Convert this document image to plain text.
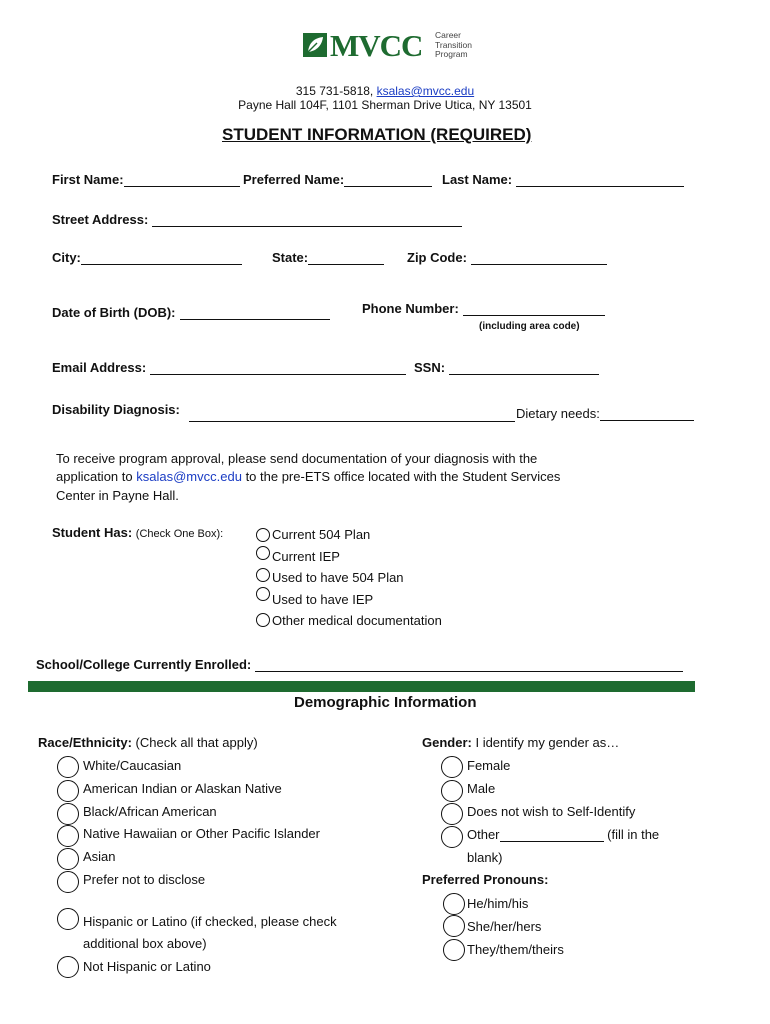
MVCC Career
Transition
Program
315 731-5818, ksalas@mvcc.edu
Payne Hall 104F, 1101 Sherman Drive Utica, NY 13501
STUDENT INFORMATION (REQUIRED)
First Name:	Preferred Name:	Last Name:
Street Address:
City:	State:	Zip Code:
Date of Birth (DOB):	Phone Number:
(including area code)
Email Address:	SSN:
Disability Diagnosis:	Dietary needs:
To receive program approval, please send documentation of your diagnosis with the
application to ksalas@mvcc.edu to the pre-ETS office located with the Student Services
Center in Payne Hall.
Student Has: (Check One Box):	Current 504 Plan
Current IEP
Used to have 504 Plan
Used to have IEP
Other medical documentation
School/College Currently Enrolled:
Demographic Information
Race/Ethnicity: (Check all that apply)
White/Caucasian
American Indian or Alaskan Native
Black/African American
Native Hawaiian or Other Pacific Islander
Asian
Prefer not to disclose
Hispanic or Latino (if checked, please check
additional box above)
Not Hispanic or Latino
Gender: I identify my gender as…
Female
Male
Does not wish to Self-Identify
Other	(fill in the
blank)
Preferred Pronouns:
He/him/his
She/her/hers
They/them/theirs
